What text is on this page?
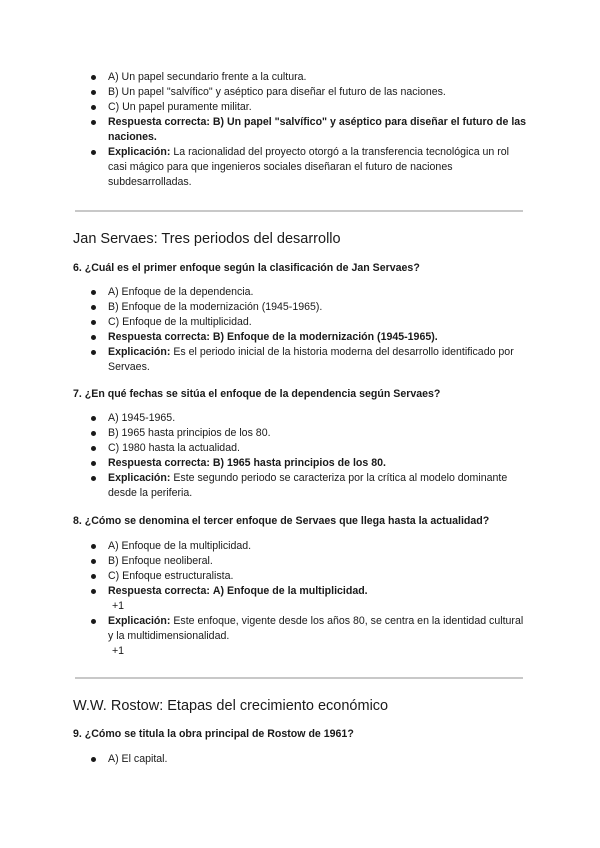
A) Un papel secundario frente a la cultura.
B) Un papel "salvífico" y aséptico para diseñar el futuro de las naciones.
C) Un papel puramente militar.
Respuesta correcta: B) Un papel "salvífico" y aséptico para diseñar el futuro de las naciones.
Explicación: La racionalidad del proyecto otorgó a la transferencia tecnológica un rol casi mágico para que ingenieros sociales diseñaran el futuro de naciones subdesarrolladas.
Jan Servaes: Tres periodos del desarrollo

6. ¿Cuál es el primer enfoque según la clasificación de Jan Servaes?

A) Enfoque de la dependencia.
B) Enfoque de la modernización (1945-1965).
C) Enfoque de la multiplicidad.
Respuesta correcta: B) Enfoque de la modernización (1945-1965).
Explicación: Es el periodo inicial de la historia moderna del desarrollo identificado por Servaes.

7. ¿En qué fechas se sitúa el enfoque de la dependencia según Servaes?

A) 1945-1965.
B) 1965 hasta principios de los 80.
C) 1980 hasta la actualidad.
Respuesta correcta: B) 1965 hasta principios de los 80.
Explicación: Este segundo periodo se caracteriza por la crítica al modelo dominante desde la periferia.

8. ¿Cómo se denomina el tercer enfoque de Servaes que llega hasta la actualidad?

A) Enfoque de la multiplicidad.
B) Enfoque neoliberal.
C) Enfoque estructuralista.
Respuesta correcta: A) Enfoque de la multiplicidad.
+1
Explicación: Este enfoque, vigente desde los años 80, se centra en la identidad cultural y la multidimensionalidad.
+1
W.W. Rostow: Etapas del crecimiento económico

9. ¿Cómo se titula la obra principal de Rostow de 1961?

A) El capital.
